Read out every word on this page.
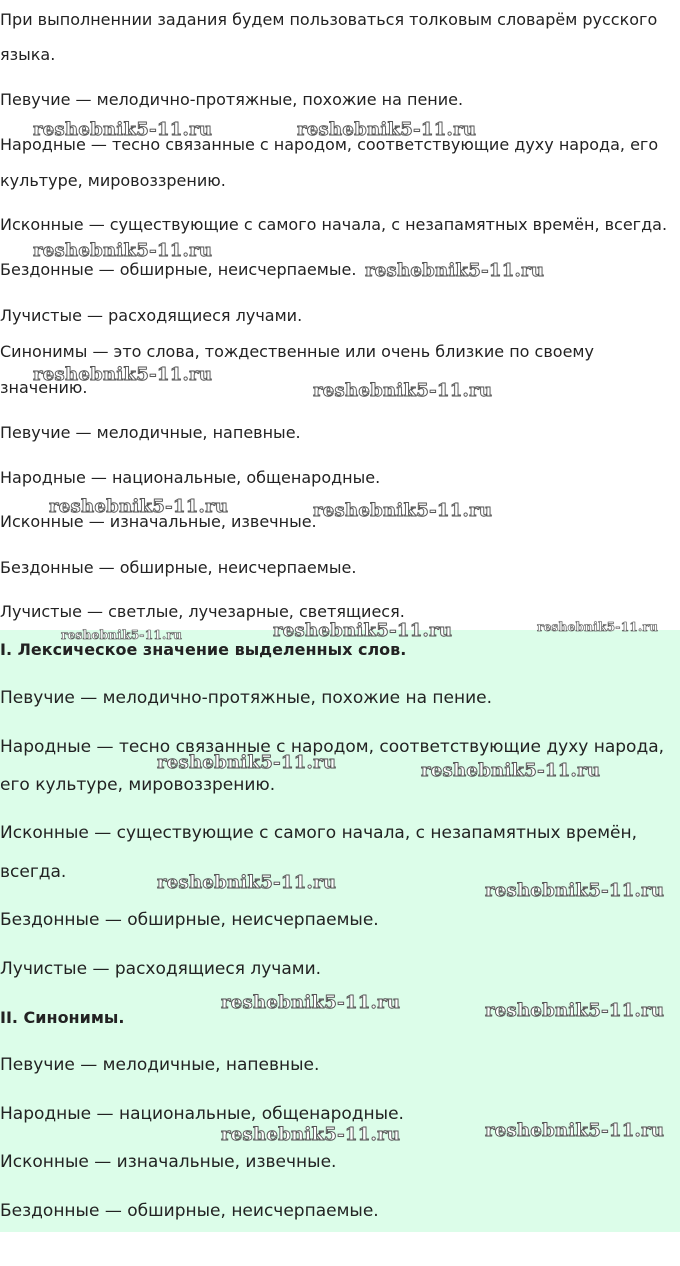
При выполненнии задания будем пользоваться толковым словарём русского
языка.
Певучие — мелодично-протяжные, похожие на пение.
Народные — тесно связанные с народом, соответствующие духу народа, его
культуре, мировоззрению.
Исконные — существующие с самого начала, с незапамятных времён, всегда.
Бездонные — обширные, неисчерпаемые.
Лучистые — расходящиеся лучами.
Синонимы — это слова, тождественные или очень близкие по своему
значению.
Певучие — мелодичные, напевные.
Народные — национальные, общенародные.
Исконные — изначальные, извечные.
Бездонные — обширные, неисчерпаемые.
Лучистые — светлые, лучезарные, светящиеся.
I. Лексическое значение выделенных слов.
Певучие — мелодично-протяжные, похожие на пение.
Народные — тесно связанные с народом, соответствующие духу народа,
его культуре, мировоззрению.
Исконные — существующие с самого начала, с незапамятных времён,
всегда.
Бездонные — обширные, неисчерпаемые.
Лучистые — расходящиеся лучами.
II. Синонимы.
Певучие — мелодичные, напевные.
Народные — национальные, общенародные.
Исконные — изначальные, извечные.
Бездонные — обширные, неисчерпаемые.
reshebnik5-11.ru	reshebnik5-11.ru
reshebnik5-11.ru
reshebnik5-11.ru
reshebnik5-11.ru
reshebnik5-11.ru
reshebnik5-11.ru	reshebnik5-11.ru
reshebnik5-11.ru	reshebnik5-11.ru	reshebnik5-11.ru
reshebnik5-11.ru	reshebnik5-11.ru
reshebnik5-11.ru	reshebnik5-11.ru
reshebnik5-11.ru	reshebnik5-11.ru
reshebnik5-11.ru	reshebnik5-11.ru
